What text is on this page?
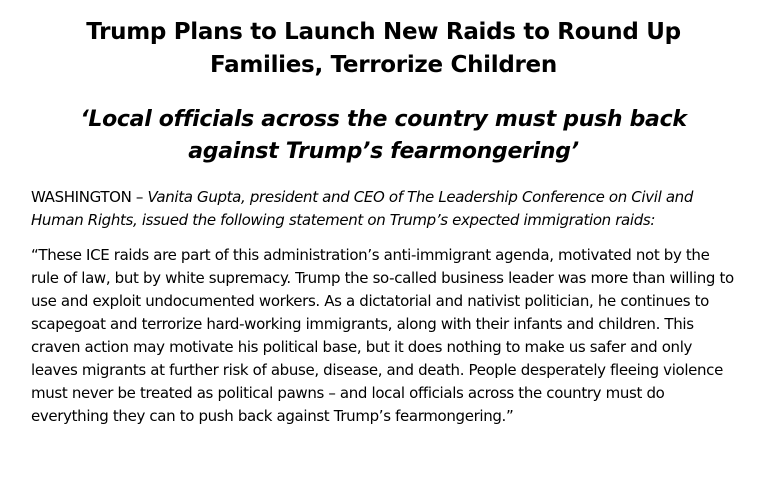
Trump Plans to Launch New Raids to Round Up Families, Terrorize Children
‘Local officials across the country must push back against Trump’s fearmongering’

WASHINGTON – Vanita Gupta, president and CEO of The Leadership Conference on Civil and Human Rights, issued the following statement on Trump’s expected immigration raids:

“These ICE raids are part of this administration’s anti-immigrant agenda, motivated not by the rule of law, but by white supremacy. Trump the so-called business leader was more than willing to use and exploit undocumented workers. As a dictatorial and nativist politician, he continues to scapegoat and terrorize hard-working immigrants, along with their infants and children. This craven action may motivate his political base, but it does nothing to make us safer and only leaves migrants at further risk of abuse, disease, and death. People desperately fleeing violence must never be treated as political pawns – and local officials across the country must do everything they can to push back against Trump’s fearmongering.”
